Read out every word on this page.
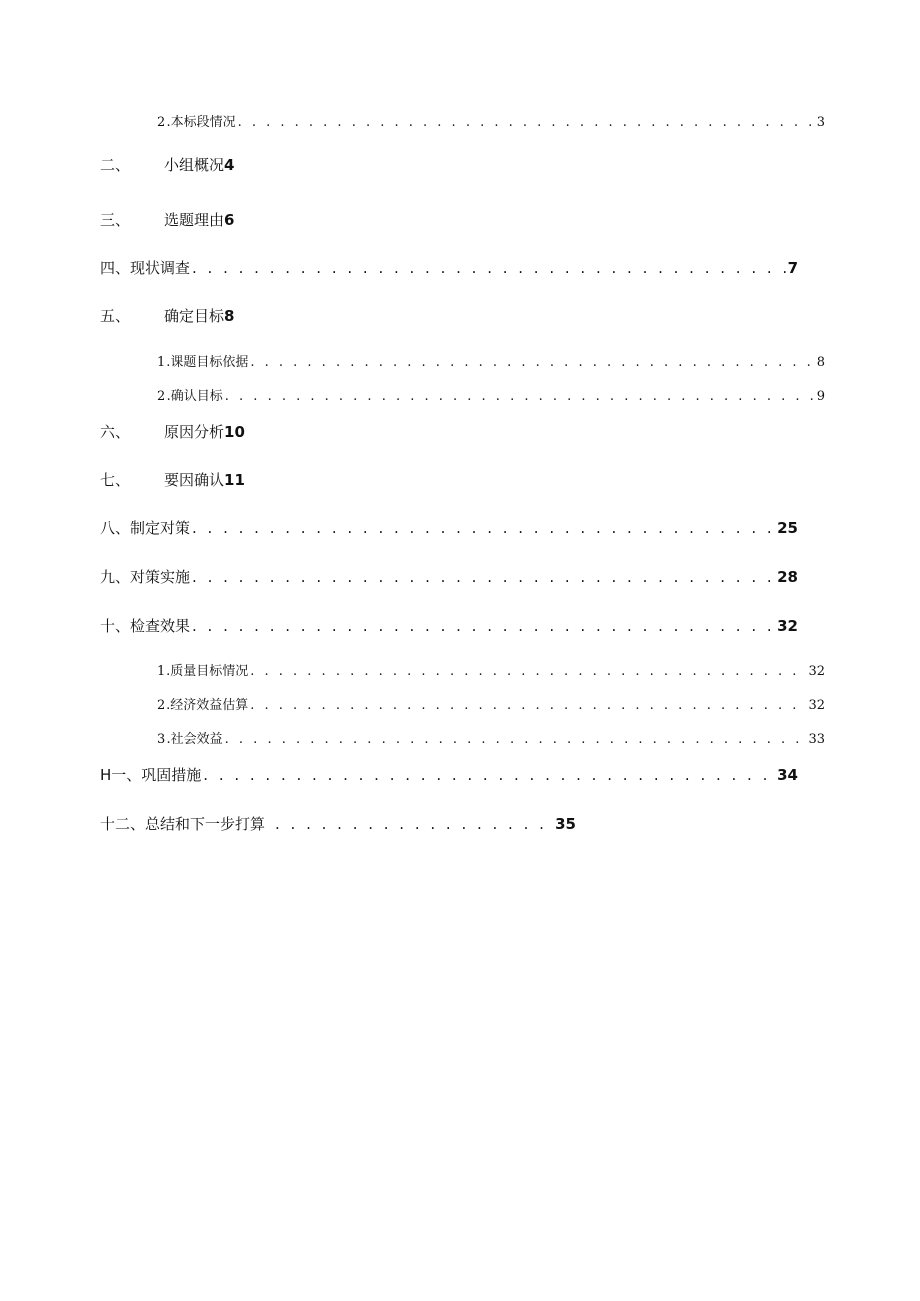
2 .本标段情况 . . .	3
二、	小组概况 4
三、	选题理由 6
四、现状调查 . . .	7
五、	确定目标 8
1 .课题目标依据 . . .	8
2 .确认目标 . . .	9
六、	原因分析 10
七、	要因确认 11
八、制定对策 . . .	25
九、 对策实施 . . .	28
十、检查效果 . . .	32
1 .质量目标情况 . . .	32
2 .经济效益估算 . . .	32
3 .社会效益 . . .	33
H一、巩固措施 . . .	34
十二、总结和下一步打算 . . .	35
